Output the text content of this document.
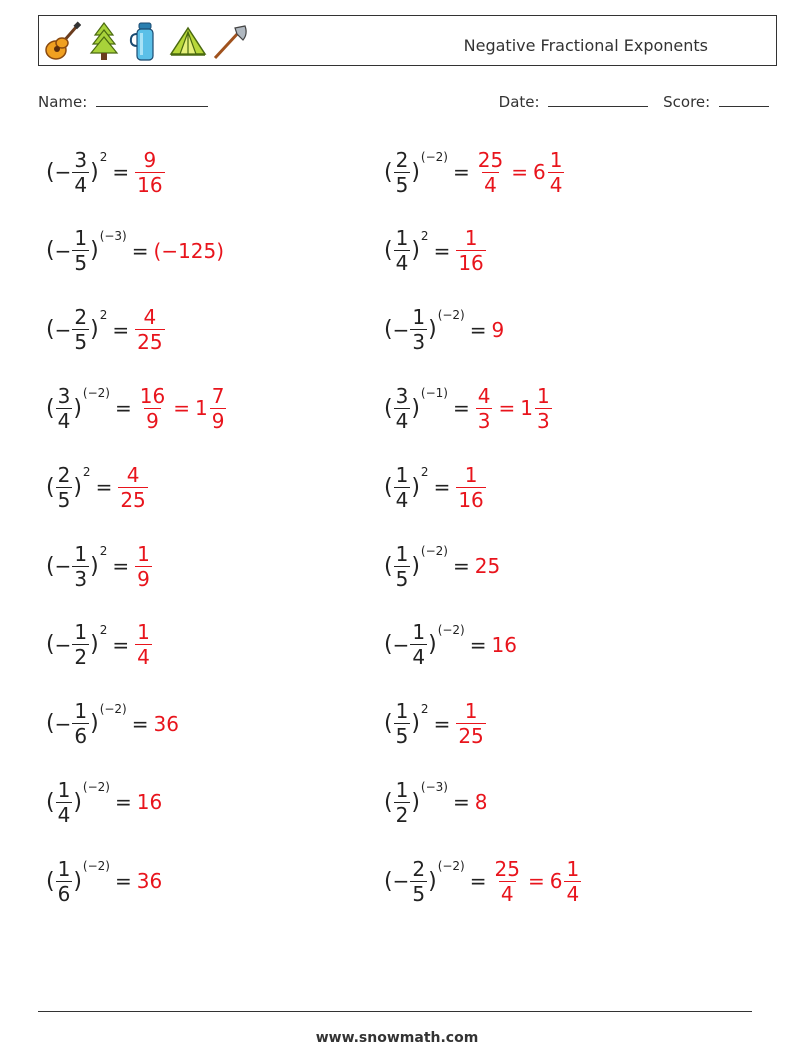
Negative Fractional Exponents
Name:	Date:	Score:
( − $\frac{3}{4}$ )
2
= $\frac{9}{16}$	( $\frac{2}{5}$ )
(−2)
= $\frac{25}{4} = 6 \frac{1}{4}$
( − $\frac{1}{5}$ )
(−3)
= (−125)	( $\frac{1}{4}$ )
2
= $\frac{1}{16}$
( − $\frac{2}{5}$ )
2
= $\frac{4}{25}$	( − $\frac{1}{3}$ )
(−2)
= 9
( $\frac{3}{4}$ )
(−2)
= $\frac{16}{9} = 1 \frac{7}{9}$	( $\frac{3}{4}$ )
(−1)
= $\frac{4}{3} = 1 \frac{1}{3}$
( $\frac{2}{5}$ )
2
= $\frac{4}{25}$	( $\frac{1}{4}$ )
2
= $\frac{1}{16}$
( − $\frac{1}{3}$ )
2
= $\frac{1}{9}$	( $\frac{1}{5}$ )
(−2)
= 25
( − $\frac{1}{2}$ )
2
= $\frac{1}{4}$	( − $\frac{1}{4}$ )
(−2)
= 16
( − $\frac{1}{6}$ )
(−2)
= 36	( $\frac{1}{5}$ )
2
= $\frac{1}{25}$
( $\frac{1}{4}$ )
(−2)
= 16	( $\frac{1}{2}$ )
(−3)
= 8
( $\frac{1}{6}$ )
(−2)
= 36	( − $\frac{2}{5}$ )
(−2)
= $\frac{25}{4} = 6 \frac{1}{4}$
www.snowmath.com
